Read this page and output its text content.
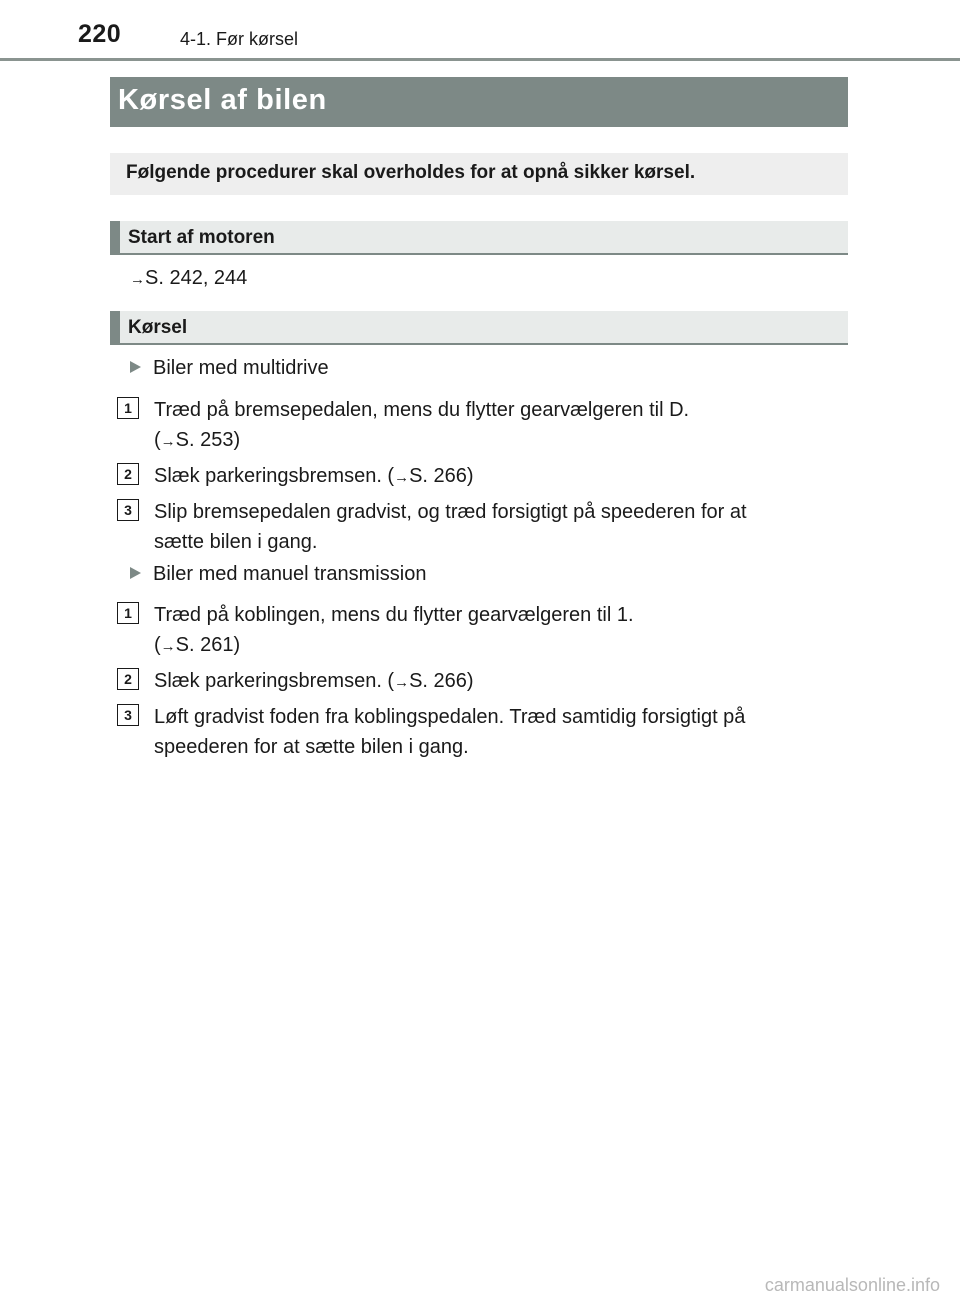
220	4-1. Før kørsel
Kørsel af bilen
Følgende procedurer skal overholdes for at opnå sikker kørsel.
Start af motoren
→S. 242, 244
Kørsel
Biler med multidrive
1	Træd på bremsepedalen, mens du flytter gearvælgeren til D.
(→S. 253)
2	Slæk parkeringsbremsen. (→S. 266)
3	Slip bremsepedalen gradvist, og træd forsigtigt på speederen for at
sætte bilen i gang.
Biler med manuel transmission
1	Træd på koblingen, mens du flytter gearvælgeren til 1.
(→S. 261)
2	Slæk parkeringsbremsen. (→S. 266)
3	Løft gradvist foden fra koblingspedalen. Træd samtidig forsigtigt på
speederen for at sætte bilen i gang.
carmanualsonline.info
